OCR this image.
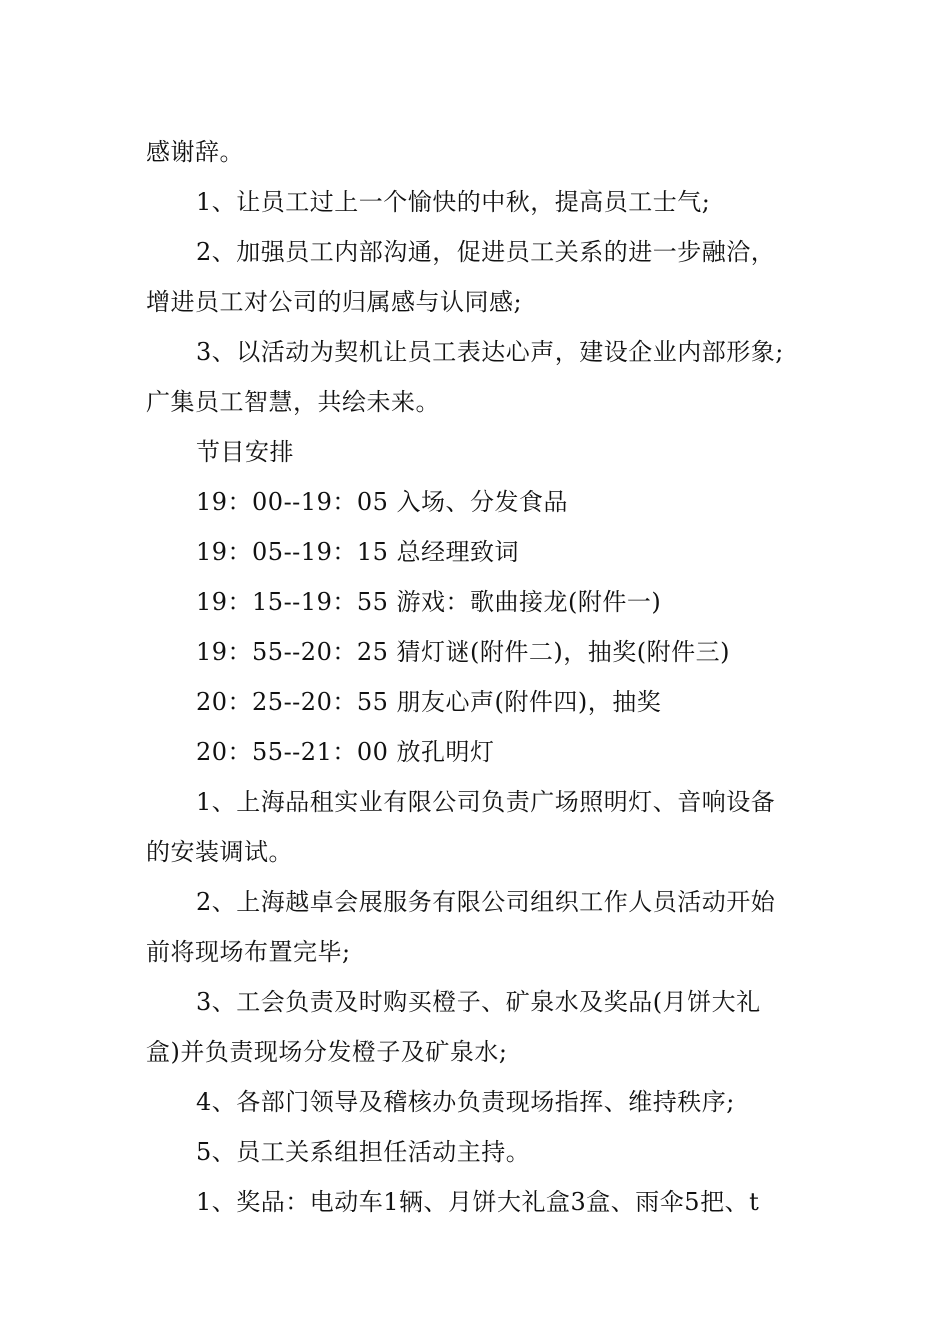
感谢辞。
1、让员工过上一个愉快的中秋，提高员工士气;
2、加强员工内部沟通，促进员工关系的进一步融洽，
增进员工对公司的归属感与认同感;
3、以活动为契机让员工表达心声，建设企业内部形象;
广集员工智慧，共绘未来。
节目安排
19：00--19：05 入场、分发食品
19：05--19：15 总经理致词
19：15--19：55 游戏：歌曲接龙(附件一)
19：55--20：25 猜灯谜(附件二)，抽奖(附件三)
20：25--20：55 朋友心声(附件四)，抽奖
20：55--21：00 放孔明灯
1、上海品租实业有限公司负责广场照明灯、音响设备
的安装调试。
2、上海越卓会展服务有限公司组织工作人员活动开始
前将现场布置完毕;
3、工会负责及时购买橙子、矿泉水及奖品(月饼大礼
盒)并负责现场分发橙子及矿泉水;
4、各部门领导及稽核办负责现场指挥、维持秩序;
5、员工关系组担任活动主持。
1、奖品：电动车1辆、月饼大礼盒3盒、雨伞5把、t
